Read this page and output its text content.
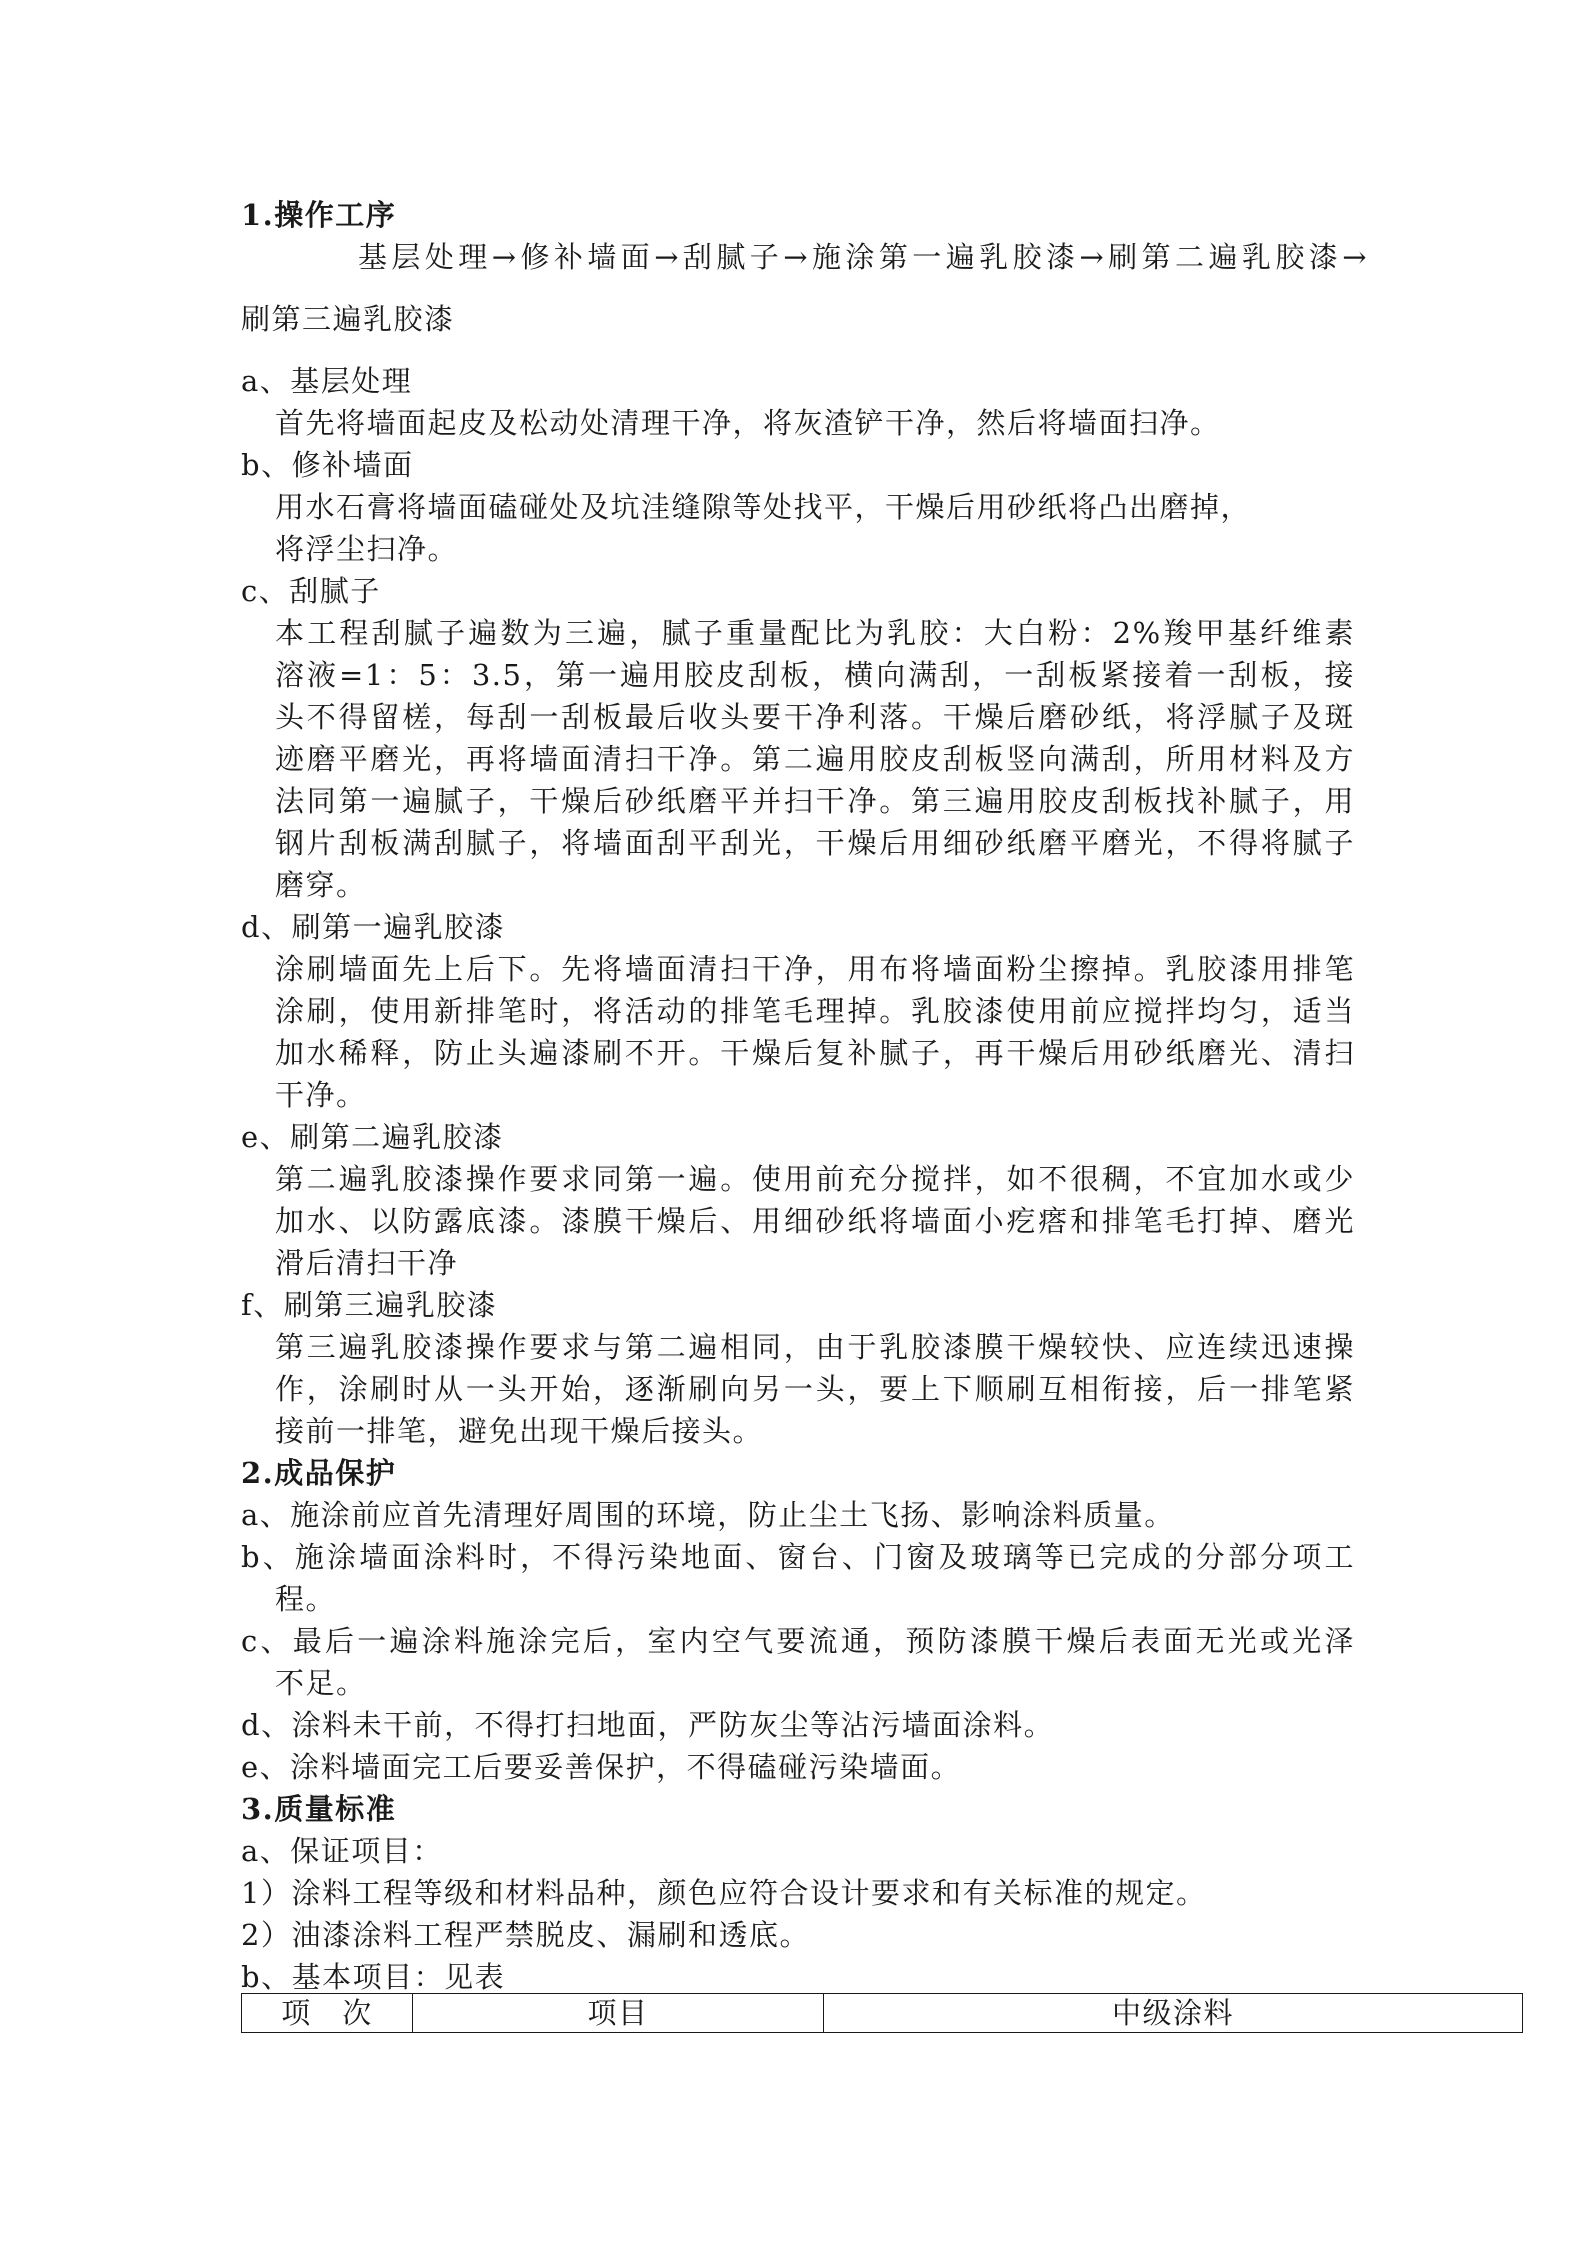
1.操作工序
基层处理→修补墙面→刮腻子→施涂第一遍乳胶漆→刷第二遍乳胶漆→
刷第三遍乳胶漆
a、基层处理
首先将墙面起皮及松动处清理干净，将灰渣铲干净，然后将墙面扫净。
b、修补墙面
用水石膏将墙面磕碰处及坑洼缝隙等处找平，干燥后用砂纸将凸出磨掉，
将浮尘扫净。
c、刮腻子
本工程刮腻子遍数为三遍，腻子重量配比为乳胶：大白粉：2%羧甲基纤维素
溶液=1：5：3.5，第一遍用胶皮刮板，横向满刮，一刮板紧接着一刮板，接
头不得留槎，每刮一刮板最后收头要干净利落。干燥后磨砂纸，将浮腻子及斑
迹磨平磨光，再将墙面清扫干净。第二遍用胶皮刮板竖向满刮，所用材料及方
法同第一遍腻子，干燥后砂纸磨平并扫干净。第三遍用胶皮刮板找补腻子，用
钢片刮板满刮腻子，将墙面刮平刮光，干燥后用细砂纸磨平磨光，不得将腻子
磨穿。
d、刷第一遍乳胶漆
涂刷墙面先上后下。先将墙面清扫干净，用布将墙面粉尘擦掉。乳胶漆用排笔
涂刷，使用新排笔时，将活动的排笔毛理掉。乳胶漆使用前应搅拌均匀，适当
加水稀释，防止头遍漆刷不开。干燥后复补腻子，再干燥后用砂纸磨光、清扫
干净。
e、刷第二遍乳胶漆
第二遍乳胶漆操作要求同第一遍。使用前充分搅拌，如不很稠，不宜加水或少
加水、以防露底漆。漆膜干燥后、用细砂纸将墙面小疙瘩和排笔毛打掉、磨光
滑后清扫干净
f、刷第三遍乳胶漆
第三遍乳胶漆操作要求与第二遍相同，由于乳胶漆膜干燥较快、应连续迅速操
作，涂刷时从一头开始，逐渐刷向另一头，要上下顺刷互相衔接，后一排笔紧
接前一排笔，避免出现干燥后接头。
2.成品保护
a、施涂前应首先清理好周围的环境，防止尘土飞扬、影响涂料质量。
b、施涂墙面涂料时，不得污染地面、窗台、门窗及玻璃等已完成的分部分项工
程。
c、最后一遍涂料施涂完后，室内空气要流通，预防漆膜干燥后表面无光或光泽
不足。
d、涂料未干前，不得打扫地面，严防灰尘等沾污墙面涂料。
e、涂料墙面完工后要妥善保护，不得磕碰污染墙面。
3.质量标准
a、保证项目：
1）涂料工程等级和材料品种，颜色应符合设计要求和有关标准的规定。
2）油漆涂料工程严禁脱皮、漏刷和透底。
b、基本项目：见表
项　次	项目	中级涂料
